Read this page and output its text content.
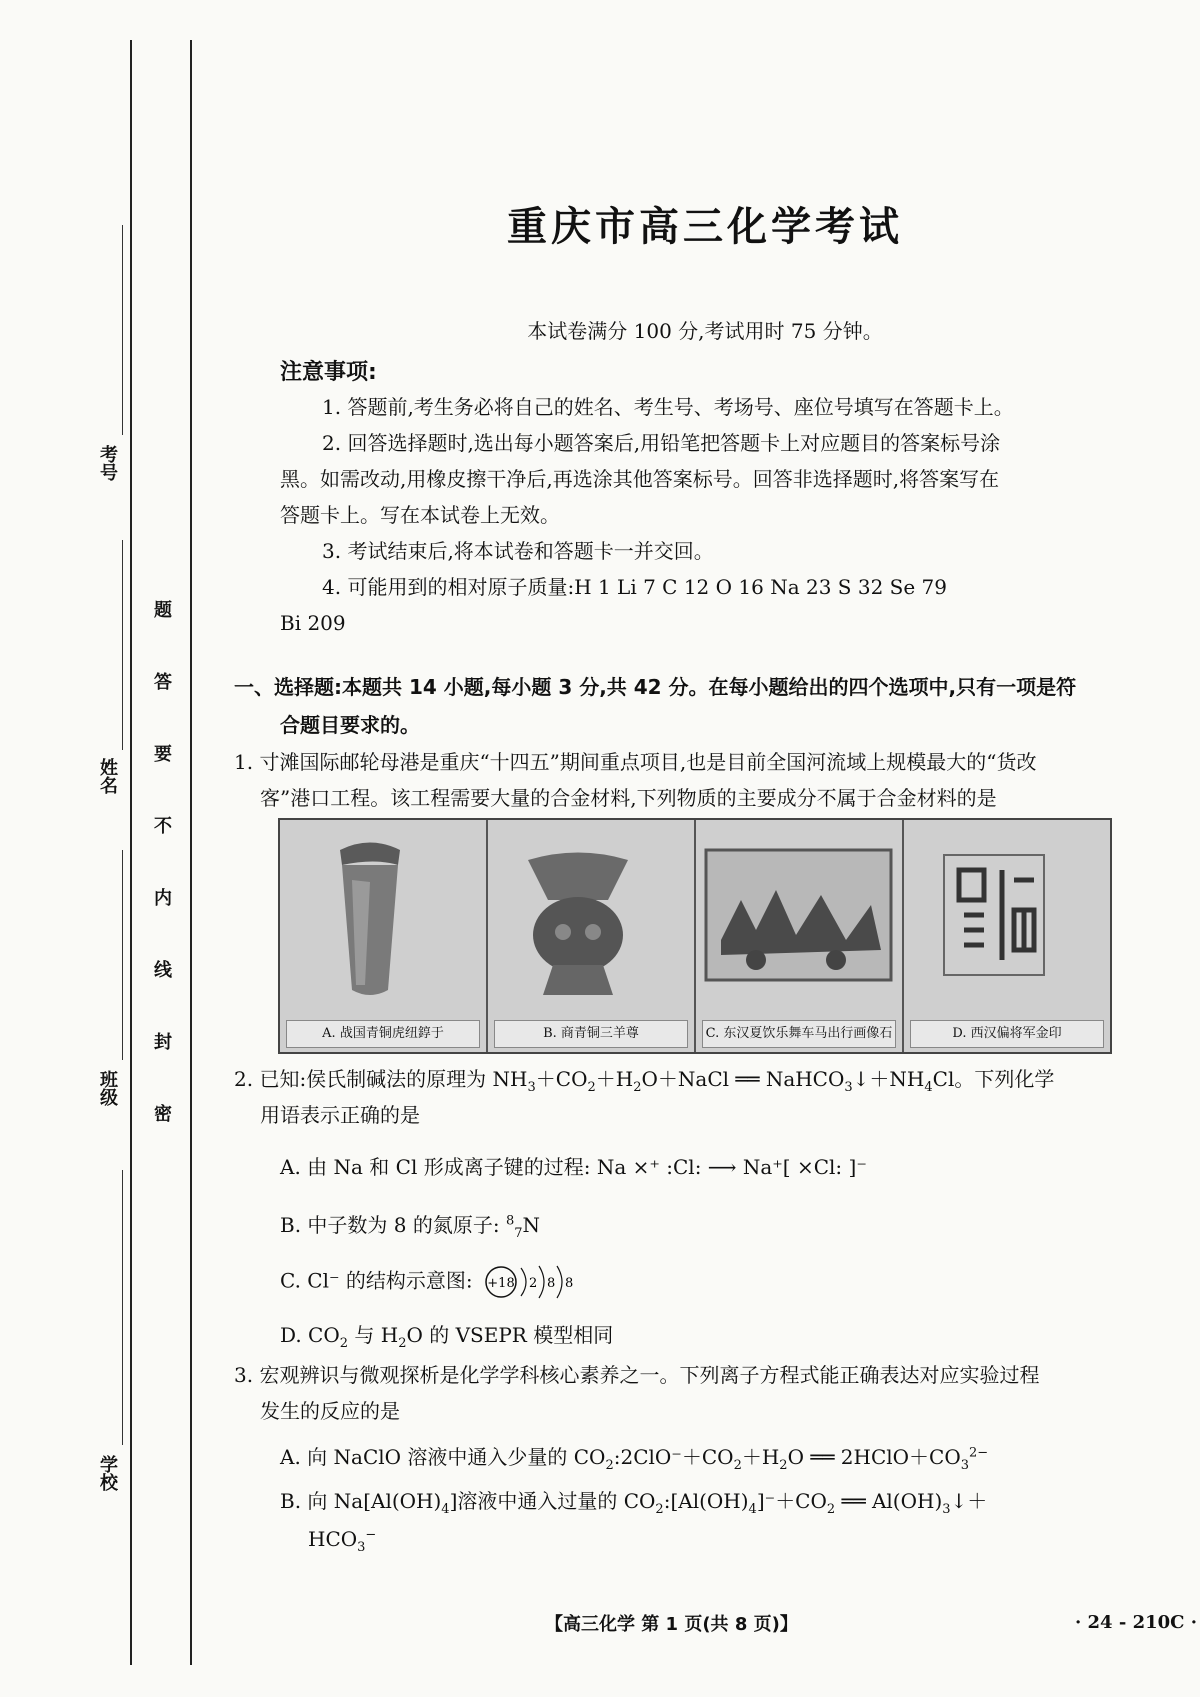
考号
姓名
班级
学校
题
答
要
不
内
线
封
密
重庆市高三化学考试
本试卷满分 100 分,考试用时 75 分钟。
注意事项:
1. 答题前,考生务必将自己的姓名、考生号、考场号、座位号填写在答题卡上。
2. 回答选择题时,选出每小题答案后,用铅笔把答题卡上对应题目的答案标号涂
黑。如需改动,用橡皮擦干净后,再选涂其他答案标号。回答非选择题时,将答案写在
答题卡上。写在本试卷上无效。
3. 考试结束后,将本试卷和答题卡一并交回。
4. 可能用到的相对原子质量:H 1 Li 7 C 12 O 16 Na 23 S 32 Se 79
Bi 209
一、选择题:本题共 14 小题,每小题 3 分,共 42 分。在每小题给出的四个选项中,只有一项是符
合题目要求的。
1. 寸滩国际邮轮母港是重庆“十四五”期间重点项目,也是目前全国河流域上规模最大的“货改
客”港口工程。该工程需要大量的合金材料,下列物质的主要成分不属于合金材料的是
A. 战国青铜虎纽錞于	B. 商青铜三羊尊	C. 东汉夏饮乐舞车马出行画像石	D. 西汉偏将军金印
2. 已知:侯氏制碱法的原理为 $NH_3+CO_2+H_2O+NaCl$ ══ $NaHCO_3↓+NH_4Cl$。下列化学
用语表示正确的是
A. 由 Na 和 Cl 形成离子键的过程: Na ×⁺ :Cl: ⟶ Na⁺[ ×Cl: ]⁻
B. 中子数为 8 的氮原子: $^8_7$N
C. Cl⁻ 的结构示意图: +18 2 8 8
D. $CO_2$ 与 $H_2O$ 的 VSEPR 模型相同
3. 宏观辨识与微观探析是化学学科核心素养之一。下列离子方程式能正确表达对应实验过程
发生的反应的是
A. 向 NaClO 溶液中通入少量的 $CO_2:2ClO^-+CO_2+H_2O$ ══ $2HClO+CO_3^{2-}$
B. 向 $Na[Al(OH)_4]$溶液中通入过量的 $CO_2:[Al(OH)_4]^-+CO_2$ ══ $Al(OH)_3↓+$
$HCO_3^-$
【高三化学 第 1 页(共 8 页)】	· 24 - 210C ·
